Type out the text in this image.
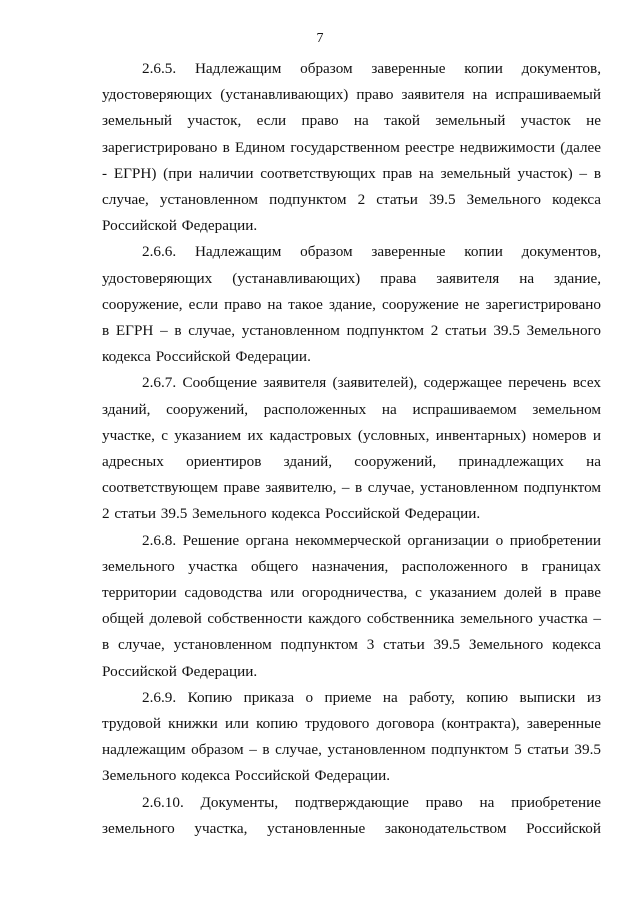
7

2.6.5. Надлежащим образом заверенные копии документов, удостоверяющих (устанавливающих) право заявителя на испрашиваемый земельный участок, если право на такой земельный участок не зарегистрировано в Едином государственном реестре недвижимости (далее - ЕГРН) (при наличии соответствующих прав на земельный участок) – в случае, установленном подпунктом 2 статьи 39.5 Земельного кодекса Российской Федерации.

2.6.6. Надлежащим образом заверенные копии документов, удостоверяющих (устанавливающих) права заявителя на здание, сооружение, если право на такое здание, сооружение не зарегистрировано в ЕГРН – в случае, установленном подпунктом 2 статьи 39.5 Земельного кодекса Российской Федерации.

2.6.7. Сообщение заявителя (заявителей), содержащее перечень всех зданий, сооружений, расположенных на испрашиваемом земельном участке, с указанием их кадастровых (условных, инвентарных) номеров и адресных ориентиров зданий, сооружений, принадлежащих на соответствующем праве заявителю, – в случае, установленном подпунктом 2 статьи 39.5 Земельного кодекса Российской Федерации.

2.6.8. Решение органа некоммерческой организации о приобретении земельного участка общего назначения, расположенного в границах территории садоводства или огородничества, с указанием долей в праве общей долевой собственности каждого собственника земельного участка – в случае, установленном подпунктом 3 статьи 39.5 Земельного кодекса Российской Федерации.

2.6.9. Копию приказа о приеме на работу, копию выписки из трудовой книжки или копию трудового договора (контракта), заверенные надлежащим образом – в случае, установленном подпунктом 5 статьи 39.5 Земельного кодекса Российской Федерации.

2.6.10. Документы, подтверждающие право на приобретение земельного участка, установленные законодательством Российской
